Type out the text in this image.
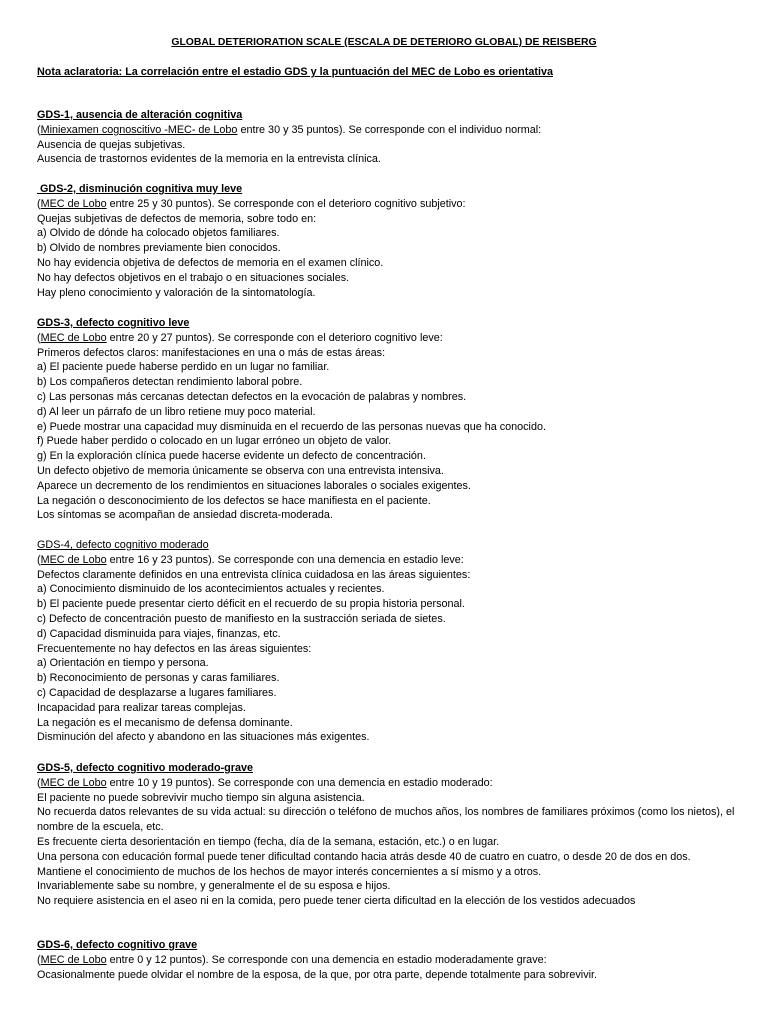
GLOBAL DETERIORATION SCALE (ESCALA DE DETERIORO GLOBAL) DE REISBERG
Nota aclaratoria: La correlación entre el estadio GDS y la puntuación del MEC de Lobo es orientativa
GDS-1, ausencia de alteración cognitiva
(Miniexamen cognoscitivo -MEC- de Lobo entre 30 y 35 puntos). Se corresponde con el individuo normal:
Ausencia de quejas subjetivas.
Ausencia de trastornos evidentes de la memoria en la entrevista clínica.
GDS-2, disminución cognitiva muy leve
(MEC de Lobo entre 25 y 30 puntos). Se corresponde con el deterioro cognitivo subjetivo:
Quejas subjetivas de defectos de memoria, sobre todo en:
a) Olvido de dónde ha colocado objetos familiares.
b) Olvido de nombres previamente bien conocidos.
No hay evidencia objetiva de defectos de memoria en el examen clínico.
No hay defectos objetivos en el trabajo o en situaciones sociales.
Hay pleno conocimiento y valoración de la sintomatología.
GDS-3, defecto cognitivo leve
(MEC de Lobo entre 20 y 27 puntos). Se corresponde con el deterioro cognitivo leve:
Primeros defectos claros: manifestaciones en una o más de estas áreas:
a) El paciente puede haberse perdido en un lugar no familiar.
b) Los compañeros detectan rendimiento laboral pobre.
c) Las personas más cercanas detectan defectos en la evocación de palabras y nombres.
d) Al leer un párrafo de un libro retiene muy poco material.
e) Puede mostrar una capacidad muy disminuida en el recuerdo de las personas nuevas que ha conocido.
f) Puede haber perdido o colocado en un lugar erróneo un objeto de valor.
g) En la exploración clínica puede hacerse evidente un defecto de concentración.
Un defecto objetivo de memoria únicamente se observa con una entrevista intensiva.
Aparece un decremento de los rendimientos en situaciones laborales o sociales exigentes.
La negación o desconocimiento de los defectos se hace manifiesta en el paciente.
Los síntomas se acompañan de ansiedad discreta-moderada.
GDS-4, defecto cognitivo moderado
(MEC de Lobo entre 16 y 23 puntos). Se corresponde con una demencia en estadio leve:
Defectos claramente definidos en una entrevista clínica cuidadosa en las áreas siguientes:
a) Conocimiento disminuido de los acontecimientos actuales y recientes.
b) El paciente puede presentar cierto déficit en el recuerdo de su propia historia personal.
c) Defecto de concentración puesto de manifiesto en la sustracción seriada de sietes.
d) Capacidad disminuida para viajes, finanzas, etc.
Frecuentemente no hay defectos en las áreas siguientes:
a) Orientación en tiempo y persona.
b) Reconocimiento de personas y caras familiares.
c) Capacidad de desplazarse a lugares familiares.
Incapacidad para realizar tareas complejas.
La negación es el mecanismo de defensa dominante.
Disminución del afecto y abandono en las situaciones más exigentes.
GDS-5, defecto cognitivo moderado-grave
(MEC de Lobo entre 10 y 19 puntos). Se corresponde con una demencia en estadio moderado:
El paciente no puede sobrevivir mucho tiempo sin alguna asistencia.
No recuerda datos relevantes de su vida actual: su dirección o teléfono de muchos años, los nombres de familiares próximos (como los nietos), el nombre de la escuela, etc.
Es frecuente cierta desorientación en tiempo (fecha, día de la semana, estación, etc.) o en lugar.
Una persona con educación formal puede tener dificultad contando hacia atrás desde 40 de cuatro en cuatro, o desde 20 de dos en dos.
Mantiene el conocimiento de muchos de los hechos de mayor interés concernientes a sí mismo y a otros.
Invariablemente sabe su nombre, y generalmente el de su esposa e hijos.
No requiere asistencia en el aseo ni en la comida, pero puede tener cierta dificultad en la elección de los vestidos adecuados
GDS-6, defecto cognitivo grave
(MEC de Lobo entre 0 y 12 puntos). Se corresponde con una demencia en estadio moderadamente grave:
Ocasionalmente puede olvidar el nombre de la esposa, de la que, por otra parte, depende totalmente para sobrevivir.
